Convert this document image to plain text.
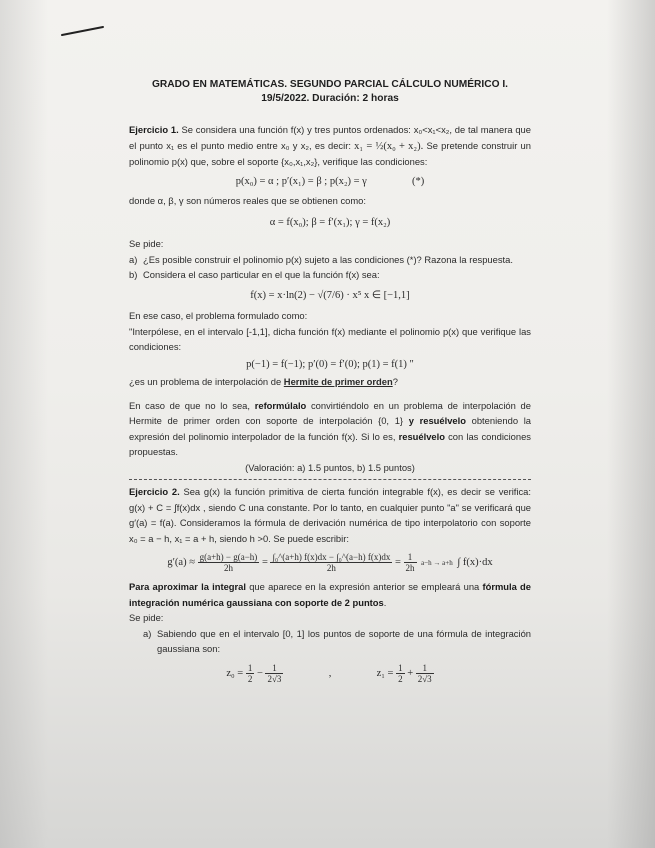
GRADO EN MATEMÁTICAS. SEGUNDO PARCIAL CÁLCULO NUMÉRICO I.

19/5/2022. Duración: 2 horas

Ejercicio 1. Se considera una función f(x) y tres puntos ordenados: x₀<x₁<x₂, de tal manera que el punto x₁ es el punto medio entre x₀ y x₂, es decir: x₁ = ½(x₀ + x₂). Se pretende construir un polinomio p(x) que, sobre el soporte {x₀,x₁,x₂}, verifique las condiciones:

p(x₀) = α ; p′(x₁) = β ; p(x₂) = γ	(*)

donde α, β, γ son números reales que se obtienen como:

α = f(x₀); β = f′(x₁); γ = f(x₂)

Se pide:

a) ¿Es posible construir el polinomio p(x) sujeto a las condiciones (*)? Razona la respuesta.
b) Considera el caso particular en el que la función f(x) sea:
f(x) = x·ln(2) − √(7/6) · x⁵ x ∈ [−1,1]

En ese caso, el problema formulado como:

"Interpólese, en el intervalo [-1,1], dicha función f(x) mediante el polinomio p(x) que verifique las condiciones:

p(−1) = f(−1); p′(0) = f′(0); p(1) = f(1) "

¿es un problema de interpolación de Hermite de primer orden?

En caso de que no lo sea, reformúlalo convirtiéndolo en un problema de interpolación de Hermite de primer orden con soporte de interpolación {0, 1} y resuélvelo obteniendo la expresión del polinomio interpolador de la función f(x). Si lo es, resuélvelo con las condiciones propuestas.

(Valoración: a) 1.5 puntos, b) 1.5 puntos)

Ejercicio 2. Sea g(x) la función primitiva de cierta función integrable f(x), es decir se verifica: g(x) + C = ∫f(x)dx , siendo C una constante. Por lo tanto, en cualquier punto "a" se verificará que g′(a) = f(a). Consideramos la fórmula de derivación numérica de tipo interpolatorio con soporte x₀ = a − h, x₁ = a + h, siendo h >0. Se puede escribir:

$g'(a) \approx \frac{g(a+h) - g(a-h)}{2h} = \frac{\text{∫₀\textasciicircum{}(a+h) f(x)dx − ∫₀\textasciicircum{}(a−h) f(x)dx}}{2h} = \frac{1}{2h}$
a−h → a+h ∫ f(x)·dx

Para aproximar la integral que aparece en la expresión anterior se empleará una fórmula de integración numérica gaussiana con soporte de 2 puntos.

Se pide:

a) Sabiendo que en el intervalo [0, 1] los puntos de soporte de una fórmula de integración gaussiana son:
$z_0 = \frac{1}{2} - \frac{1}{2√3}$	,	$z_1 = \frac{1}{2} + \frac{1}{2√3}$
